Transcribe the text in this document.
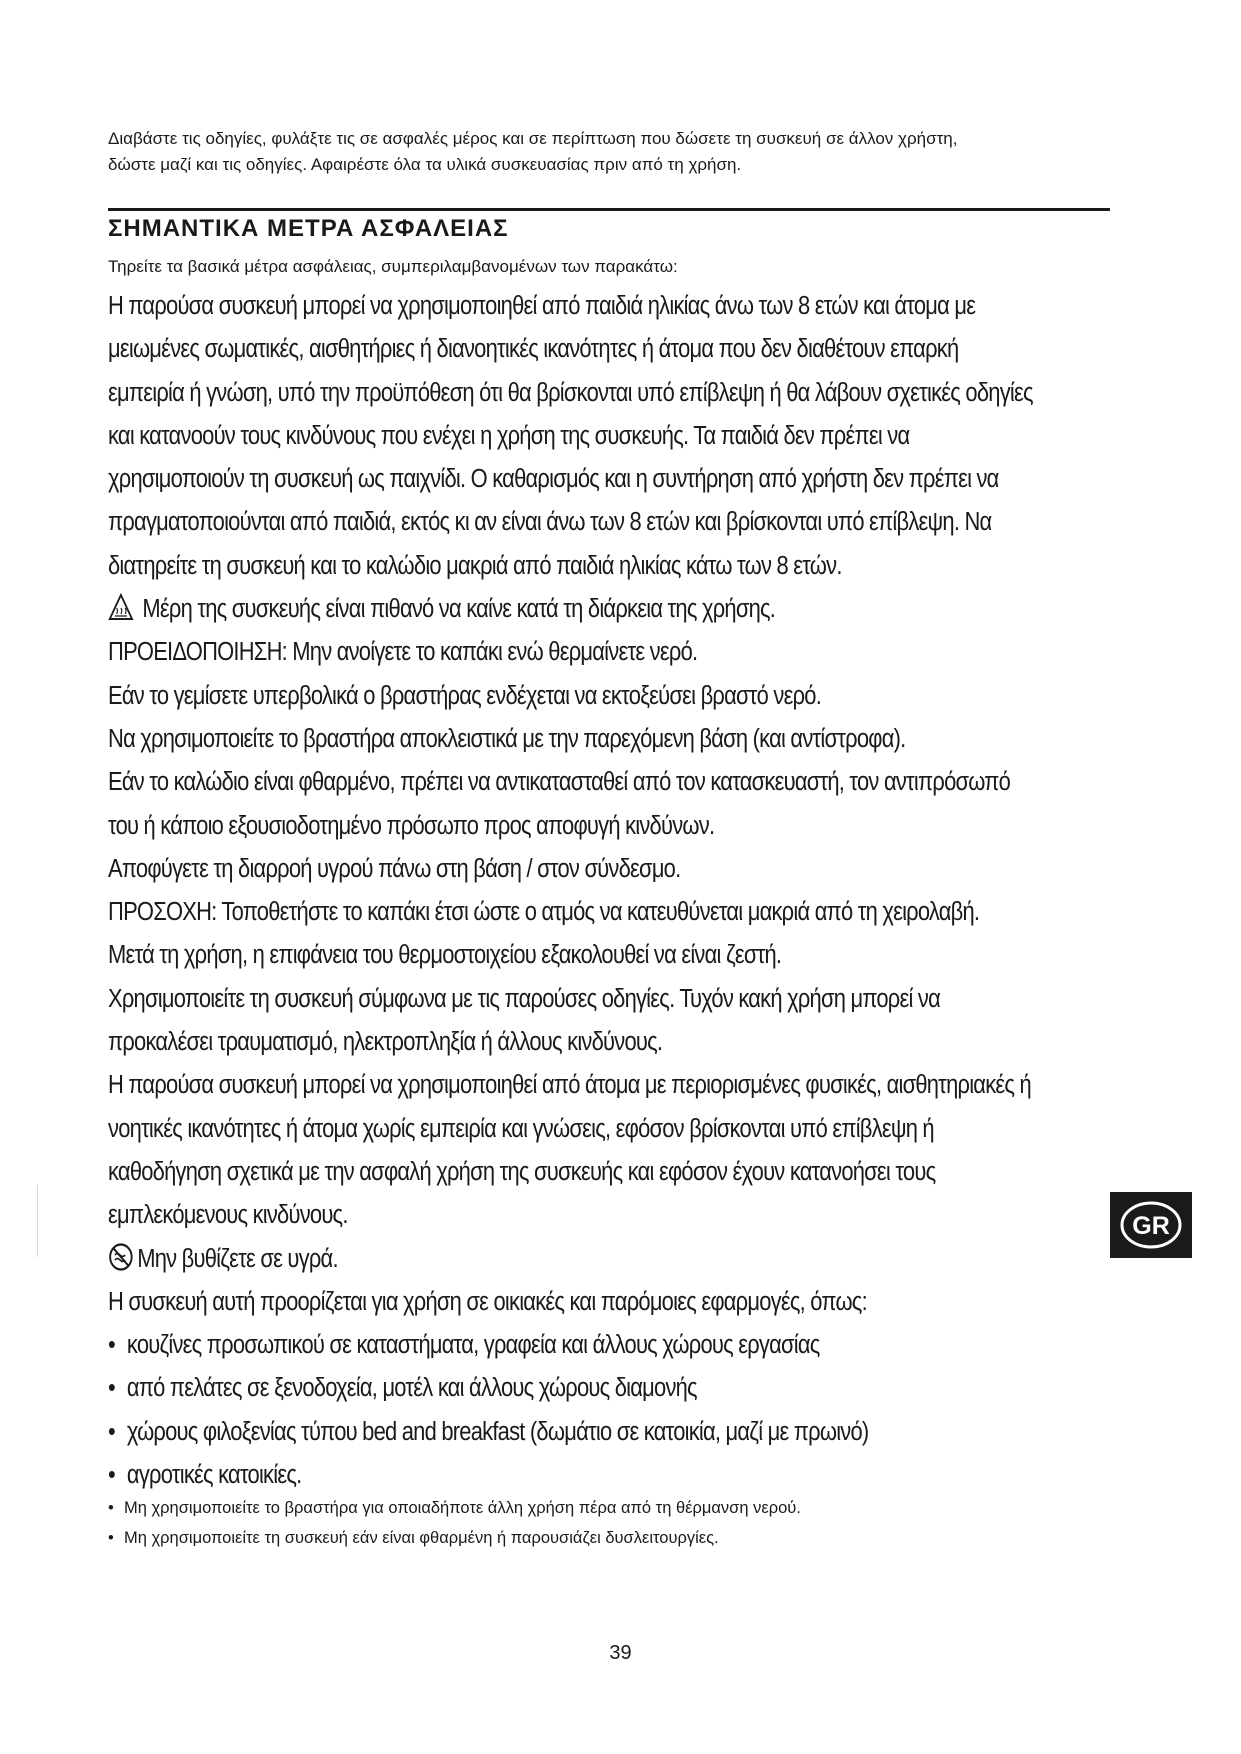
Διαβάστε τις οδηγίες, φυλάξτε τις σε ασφαλές μέρος και σε περίπτωση που δώσετε τη συσκευή σε άλλον χρήστη,
δώστε μαζί και τις οδηγίες. Αφαιρέστε όλα τα υλικά συσκευασίας πριν από τη χρήση.
ΣΗΜΑΝΤΙΚΑ ΜΕΤΡΑ ΑΣΦΑΛΕΙΑΣ
Τηρείτε τα βασικά μέτρα ασφάλειας, συμπεριλαμβανομένων των παρακάτω:

Η παρούσα συσκευή μπορεί να χρησιμοποιηθεί από παιδιά ηλικίας άνω των 8 ετών και άτομα με

μειωμένες σωματικές, αισθητήριες ή διανοητικές ικανότητες ή άτομα που δεν διαθέτουν επαρκή

εμπειρία ή γνώση, υπό την προϋπόθεση ότι θα βρίσκονται υπό επίβλεψη ή θα λάβουν σχετικές οδηγίες

και κατανοούν τους κινδύνους που ενέχει η χρήση της συσκευής. Τα παιδιά δεν πρέπει να

χρησιμοποιούν τη συσκευή ως παιχνίδι. Ο καθαρισμός και η συντήρηση από χρήστη δεν πρέπει να

πραγματοποιούνται από παιδιά, εκτός κι αν είναι άνω των 8 ετών και βρίσκονται υπό επίβλεψη. Να

διατηρείτε τη συσκευή και το καλώδιο μακριά από παιδιά ηλικίας κάτω των 8 ετών.

Μέρη της συσκευής είναι πιθανό να καίνε κατά τη διάρκεια της χρήσης.

ΠΡΟΕΙΔΟΠΟΙΗΣΗ: Μην ανοίγετε το καπάκι ενώ θερμαίνετε νερό.

Εάν το γεμίσετε υπερβολικά ο βραστήρας ενδέχεται να εκτοξεύσει βραστό νερό.

Να χρησιμοποιείτε το βραστήρα αποκλειστικά με την παρεχόμενη βάση (και αντίστροφα).

Εάν το καλώδιο είναι φθαρμένο, πρέπει να αντικατασταθεί από τον κατασκευαστή, τον αντιπρόσωπό

του ή κάποιο εξουσιοδοτημένο πρόσωπο προς αποφυγή κινδύνων.

Αποφύγετε τη διαρροή υγρού πάνω στη βάση / στον σύνδεσμο.

ΠΡΟΣΟΧΗ: Τοποθετήστε το καπάκι έτσι ώστε ο ατμός να κατευθύνεται μακριά από τη χειρολαβή.

Μετά τη χρήση, η επιφάνεια του θερμοστοιχείου εξακολουθεί να είναι ζεστή.

Χρησιμοποιείτε τη συσκευή σύμφωνα με τις παρούσες οδηγίες. Τυχόν κακή χρήση μπορεί να

προκαλέσει τραυματισμό, ηλεκτροπληξία ή άλλους κινδύνους.

Η παρούσα συσκευή μπορεί να χρησιμοποιηθεί από άτομα με περιορισμένες φυσικές, αισθητηριακές ή

νοητικές ικανότητες ή άτομα χωρίς εμπειρία και γνώσεις, εφόσον βρίσκονται υπό επίβλεψη ή

καθοδήγηση σχετικά με την ασφαλή χρήση της συσκευής και εφόσον έχουν κατανοήσει τους

εμπλεκόμενους κινδύνους.

Μην βυθίζετε σε υγρά.

Η συσκευή αυτή προορίζεται για χρήση σε οικιακές και παρόμοιες εφαρμογές, όπως:

• κουζίνες προσωπικού σε καταστήματα, γραφεία και άλλους χώρους εργασίας

• από πελάτες σε ξενοδοχεία, μοτέλ και άλλους χώρους διαμονής

• χώρους φιλοξενίας τύπου bed and breakfast (δωμάτιο σε κατοικία, μαζί με πρωινό)

• αγροτικές κατοικίες.

• Μη χρησιμοποιείτε το βραστήρα για οποιαδήποτε άλλη χρήση πέρα από τη θέρμανση νερού.
• Μη χρησιμοποιείτε τη συσκευή εάν είναι φθαρμένη ή παρουσιάζει δυσλειτουργίες.
GR
39
